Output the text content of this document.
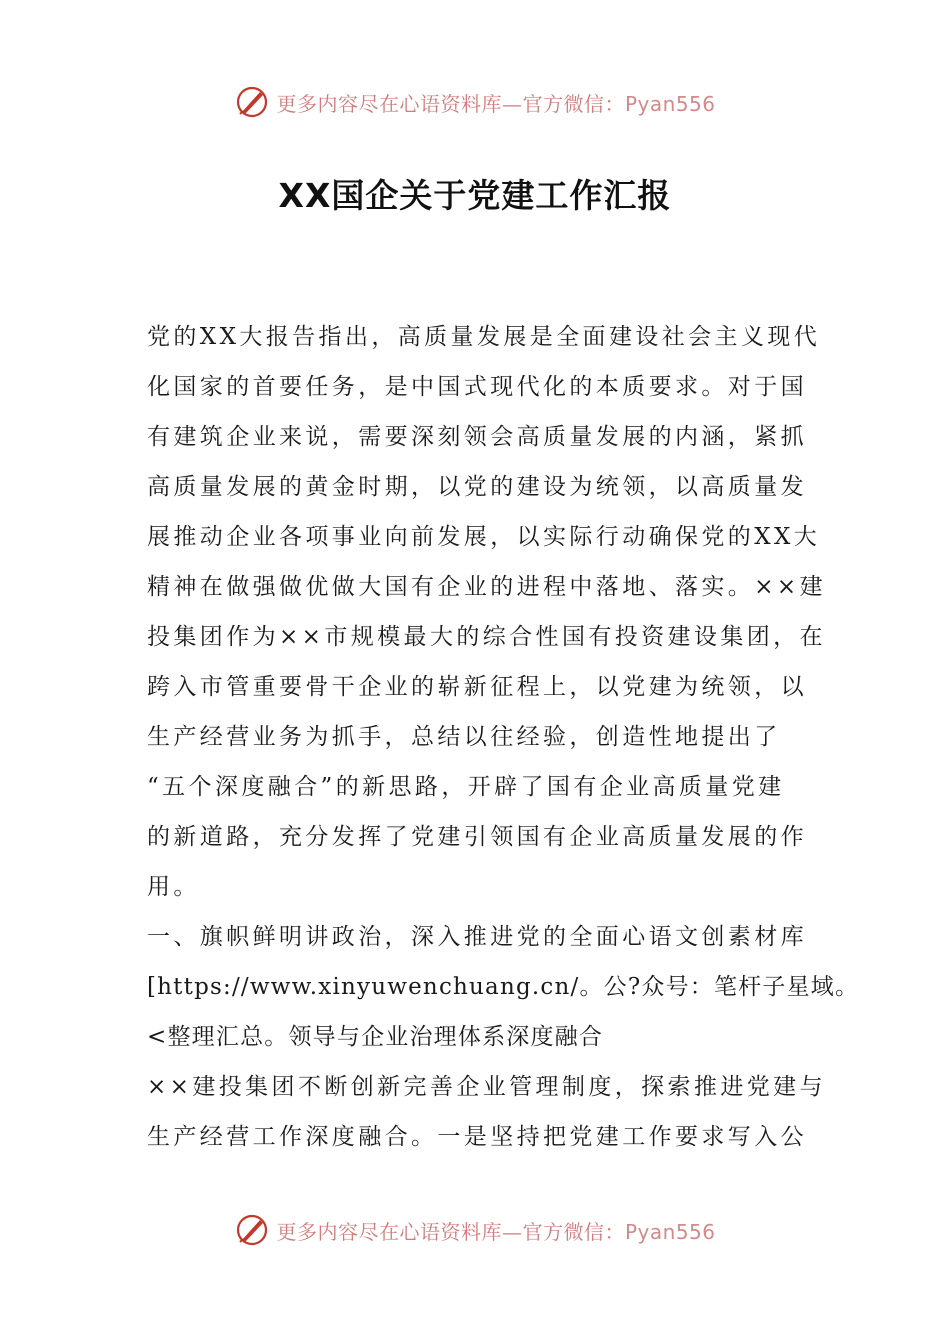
更多内容尽在心语资料库—官方微信：Pyan556
XX国企关于党建工作汇报
党的XX大报告指出，高质量发展是全面建设社会主义现代
化国家的首要任务，是中国式现代化的本质要求。对于国
有建筑企业来说，需要深刻领会高质量发展的内涵，紧抓
高质量发展的黄金时期，以党的建设为统领，以高质量发
展推动企业各项事业向前发展，以实际行动确保党的XX大
精神在做强做优做大国有企业的进程中落地、落实。××建
投集团作为××市规模最大的综合性国有投资建设集团，在
跨入市管重要骨干企业的崭新征程上，以党建为统领，以
生产经营业务为抓手，总结以往经验，创造性地提出了
“五个深度融合”的新思路，开辟了国有企业高质量党建
的新道路，充分发挥了党建引领国有企业高质量发展的作
用。
一、旗帜鲜明讲政治，深入推进党的全面心语文创素材库
[https://www.xinyuwenchuang.cn/。公?众号：笔杆子星域。
<整理汇总。领导与企业治理体系深度融合
××建投集团不断创新完善企业管理制度，探索推进党建与
生产经营工作深度融合。一是坚持把党建工作要求写入公
更多内容尽在心语资料库—官方微信：Pyan556
